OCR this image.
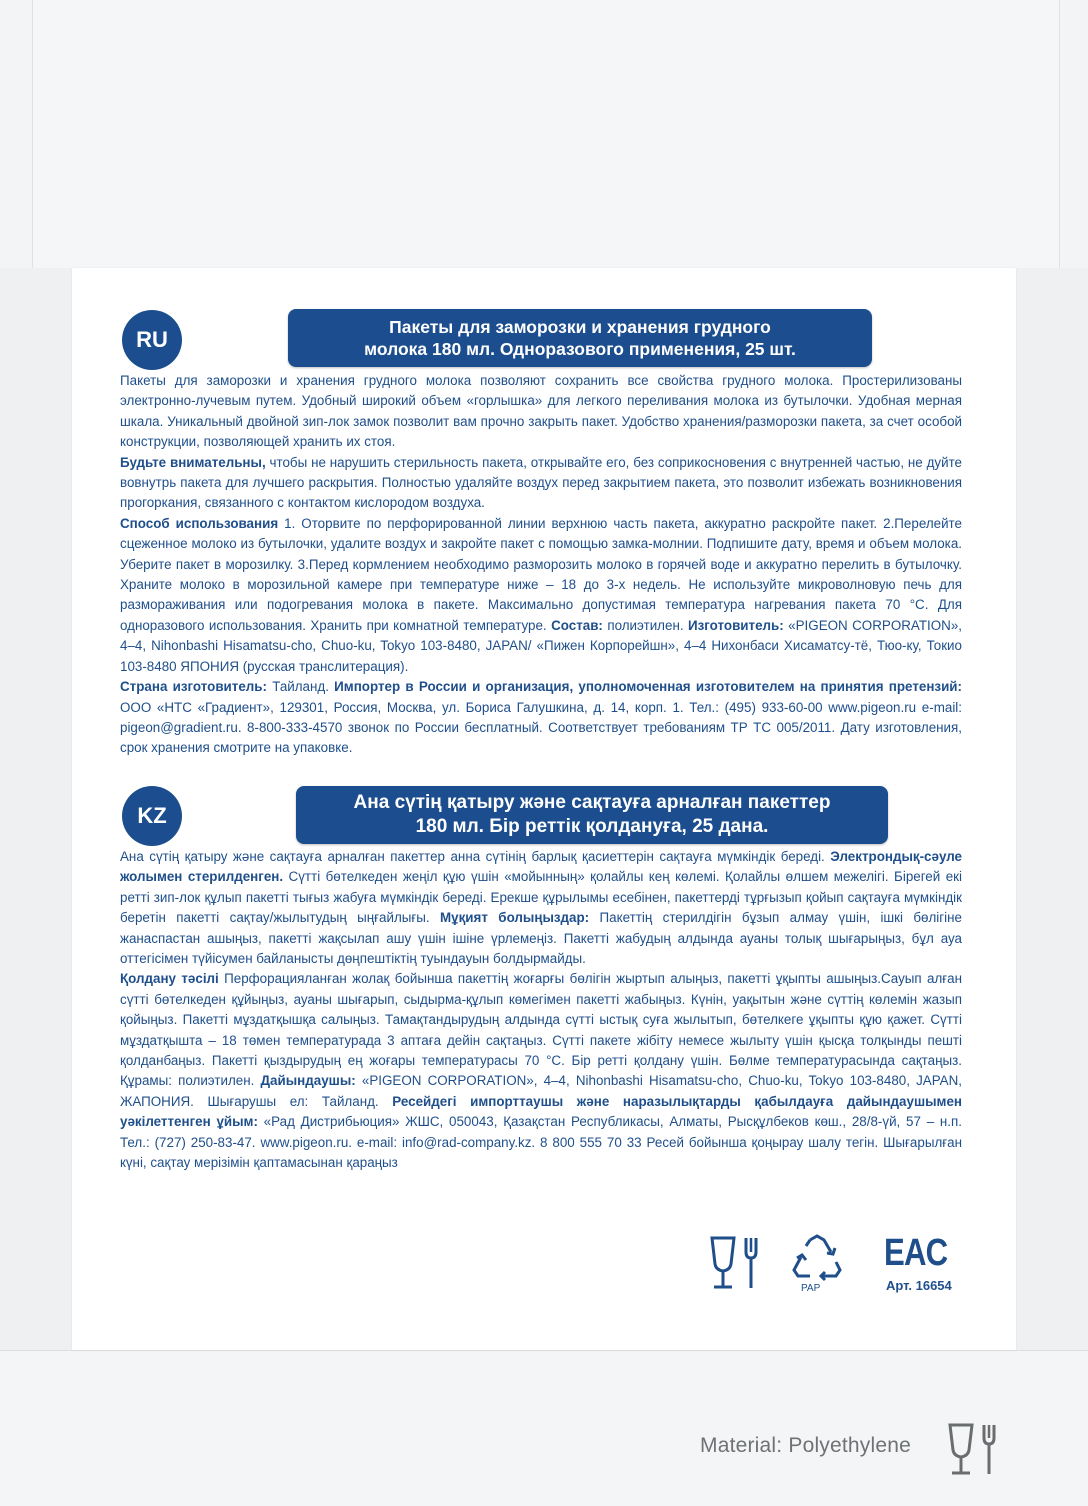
RU	Пакеты для заморозки и хранения грудного
молока 180 мл. Одноразового применения, 25 шт.

Пакеты для заморозки и хранения грудного молока позволяют сохранить все свойства грудного молока. Простерилизованы электронно-лучевым путем. Удобный широкий объем «горлышка» для легкого переливания молока из бутылочки. Удобная мерная шкала. Уникальный двойной зип-лок замок позволит вам прочно закрыть пакет. Удобство хранения/разморозки пакета, за счет особой конструкции, позволяющей хранить их стоя.

Будьте внимательны, чтобы не нарушить стерильность пакета, открывайте его, без соприкосновения с внутренней частью, не дуйте вовнутрь пакета для лучшего раскрытия. Полностью удаляйте воздух перед закрытием пакета, это позволит избежать возникновения прогоркания, связанного с контактом кислородом воздуха.

Способ использования 1. Оторвите по перфорированной линии верхнюю часть пакета, аккуратно раскройте пакет. 2.Перелейте сцеженное молоко из бутылочки, удалите воздух и закройте пакет с помощью замка-молнии. Подпишите дату, время и объем молока. Уберите пакет в морозилку. 3.Перед кормлением необходимо разморозить молоко в горячей воде и аккуратно перелить в бутылочку. Храните молоко в морозильной камере при температуре ниже – 18 до 3-х недель. Не используйте микроволновую печь для размораживания или подогревания молока в пакете. Максимально допустимая температура нагревания пакета 70 °С. Для одноразового использования. Хранить при комнатной температуре. Состав: полиэтилен. Изготовитель: «PIGEON CORPORATION», 4–4, Nihonbashi Hisamatsu-cho, Chuo-ku, Tokyo 103-8480, JAPAN/ «Пижен Корпорейшн», 4–4 Нихонбаси Хисаматсу-тё, Тюо-ку, Токио 103-8480 ЯПОНИЯ (русская транслитерация).

Страна изготовитель: Тайланд. Импортер в России и организация, уполномоченная изготовителем на принятия претензий: ООО «НТС «Градиент», 129301, Россия, Москва, ул. Бориса Галушкина, д. 14, корп. 1. Тел.: (495) 933-60-00 www.pigeon.ru e-mail: pigeon@gradient.ru. 8-800-333-4570 звонок по России бесплатный. Соответствует требованиям ТР ТС 005/2011. Дату изготовления, срок хранения смотрите на упаковке.

KZ
Ана сүтің қатыру және сақтауға арналған пакеттер
180 мл. Бір реттік қолдануға, 25 дана.

Ана сүтің қатыру және сақтауға арналған пакеттер анна сүтінің барлық қасиеттерін сақтауға мүмкіндік береді. Электрондық-сәуле жолымен стерилденген. Сүтті бөтелкеден жеңіл құю үшін «мойынның» қолайлы кең көлемі. Қолайлы өлшем межелігі. Бірегей екі ретті зип-лок құлып пакетті тығыз жабуға мүмкіндік береді. Ерекше құрылымы есебінен, пакеттерді тұрғызып қойып сақтауға мүмкіндік беретін пакетті сақтау/жылытудың ыңғайлығы. Мұқият болыңыздар: Пакеттің стерилдігін бұзып алмау үшін, ішкі бөлігіне жанаспастан ашыңыз, пакетті жақсылап ашу үшін ішіне үрлемеңіз. Пакетті жабудың алдында ауаны толық шығарыңыз, бұл ауа оттегісімен түйісумен байланысты дөңпештіктің туындауын болдырмайды.

Қолдану тәсілі Перфорацияланған жолақ бойынша пакеттің жоғарғы бөлігін жыртып алыңыз, пакетті ұқыпты ашыңыз.Сауып алған сүтті бөтелкеден құйыңыз, ауаны шығарып, сыдырма-құлып көмегімен пакетті жабыңыз. Күнін, уақытын және сүттің көлемін жазып қойыңыз. Пакетті мұздатқышқа салыңыз. Тамақтандырудың алдында сүтті ыстық суға жылытып, бөтелкеге ұқыпты құю қажет. Сүтті мұздатқышта – 18 төмен температурада 3 аптаға дейін сақтаңыз. Сүтті пакете жібіту немесе жылыту үшін қысқа толқынды пешті қолданбаңыз. Пакетті қыздырудың ең жоғары температурасы 70 °С. Бір ретті қолдану үшін. Бөлме температурасында сақтаңыз. Құрамы: полиэтилен. Дайындаушы: «PIGEON CORPORATION», 4–4, Nihonbashi Hisamatsu-cho, Chuo-ku, Tokyo 103-8480, JAPAN, ЖАПОНИЯ. Шығарушы ел: Тайланд. Ресейдегі импорттаушы және наразылықтарды қабылдауға дайындаушымен уәкілеттенген ұйым: «Рад Дистрибьюция» ЖШС, 050043, Қазақстан Республикасы, Алматы, Рысқұлбеков көш., 28/8-үй, 57 – н.п. Тел.: (727) 250-83-47. www.pigeon.ru. e-mail: info@rad-company.kz. 8 800 555 70 33 Ресей бойынша қоңырау шалу тегін. Шығарылған күні, сақтау мерізімін қаптамасынан қараңыз

PAP
EAC
Арт. 16654
Material: Polyethylene
